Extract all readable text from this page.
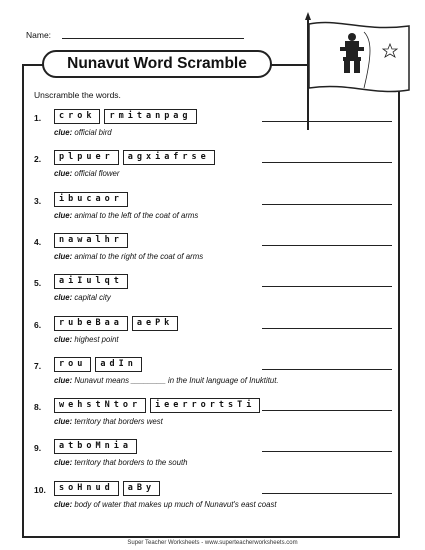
Name:
Nunavut Word Scramble
Unscramble the words.
1.	crok	rmitanpag
clue: official bird
2.	plpuer	agxiafrse
clue: official flower
3.	ibucaor
clue: animal to the left of the coat of arms
4.	nawalhr
clue: animal to the right of the coat of arms
5.	aiIulqt
clue: capital city
6.	rubeBaa	aePk
clue: highest point
7.	rou	adIn
clue: Nunavut means ________ in the Inuit language of Inuktitut.
8.	wehstNtor	ieerrortsTi
clue: territory that borders west
9.	atboMnia
clue: territory that borders to the south
10.	soHnud	aBy
clue: body of water that makes up much of Nunavut's east coast
Super Teacher Worksheets - www.superteacherworksheets.com
